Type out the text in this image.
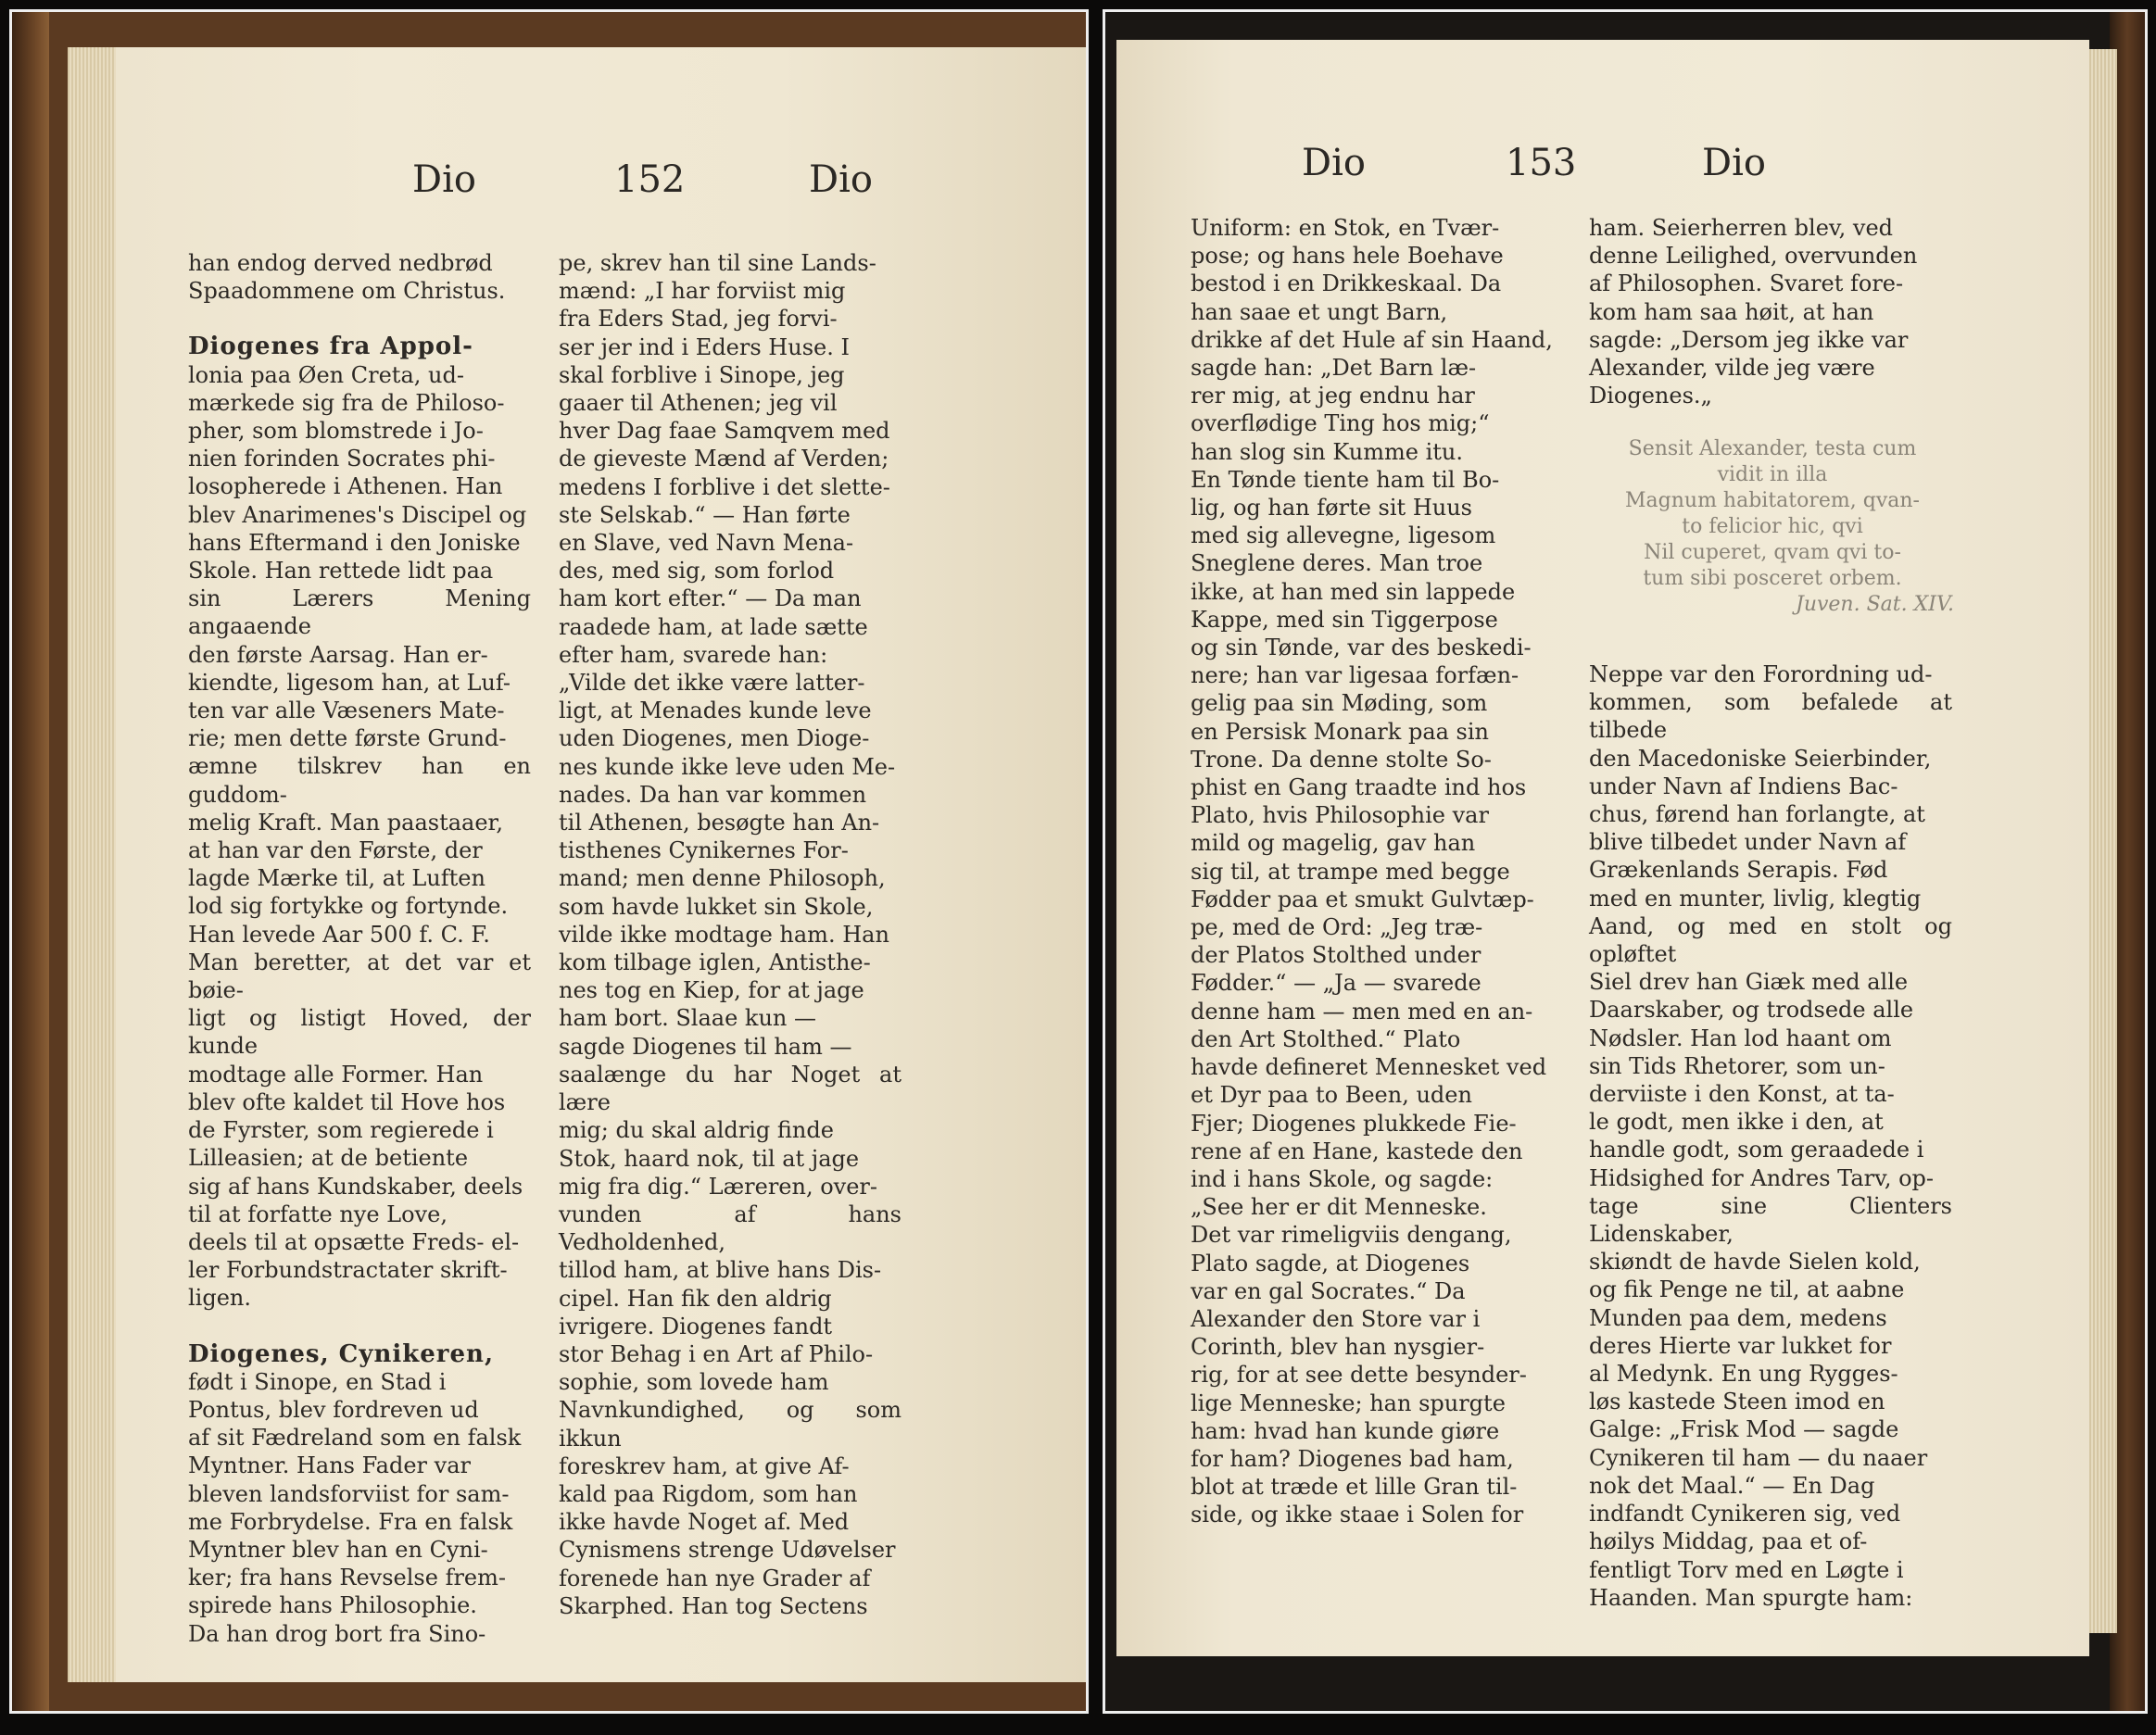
Dio	152	Dio

han endog derved nedbrød

Spaadommene om Christus.

Diogenes fra Appol-

lonia paa Øen Creta, ud-

mærkede sig fra de Philoso-

pher, som blomstrede i Jo-

nien forinden Socrates phi-

losopherede i Athenen. Han

blev Anarimenes's Discipel og

hans Eftermand i den Joniske

Skole. Han rettede lidt paa

sin Lærers Mening angaaende

den første Aarsag. Han er-

kiendte, ligesom han, at Luf-

ten var alle Væseners Mate-

rie; men dette første Grund-

æmne tilskrev han en guddom-

melig Kraft. Man paastaaer,

at han var den Første, der

lagde Mærke til, at Luften

lod sig fortykke og fortynde.

Han levede Aar 500 f. C. F.

Man beretter, at det var et bøie-

ligt og listigt Hoved, der kunde

modtage alle Former. Han

blev ofte kaldet til Hove hos

de Fyrster, som regierede i

Lilleasien; at de betiente

sig af hans Kundskaber, deels

til at forfatte nye Love,

deels til at opsætte Freds- el-

ler Forbundstractater skrift-

ligen.

Diogenes, Cynikeren,

født i Sinope, en Stad i

Pontus, blev fordreven ud

af sit Fædreland som en falsk

Myntner. Hans Fader var

bleven landsforviist for sam-

me Forbrydelse. Fra en falsk

Myntner blev han en Cyni-

ker; fra hans Revselse frem-

spirede hans Philosophie.

Da han drog bort fra Sino-

pe, skrev han til sine Lands-

mænd: „I har forviist mig

fra Eders Stad, jeg forvi-

ser jer ind i Eders Huse. I

skal forblive i Sinope, jeg

gaaer til Athenen; jeg vil

hver Dag faae Samqvem med

de gieveste Mænd af Verden;

medens I forblive i det slette-

ste Selskab.“ — Han førte

en Slave, ved Navn Mena-

des, med sig, som forlod

ham kort efter.“ — Da man

raadede ham, at lade sætte

efter ham, svarede han:

„Vilde det ikke være latter-

ligt, at Menades kunde leve

uden Diogenes, men Dioge-

nes kunde ikke leve uden Me-

nades. Da han var kommen

til Athenen, besøgte han An-

tisthenes Cynikernes For-

mand; men denne Philosoph,

som havde lukket sin Skole,

vilde ikke modtage ham. Han

kom tilbage iglen, Antisthe-

nes tog en Kiep, for at jage

ham bort. Slaae kun —

sagde Diogenes til ham —

saalænge du har Noget at lære

mig; du skal aldrig finde

Stok, haard nok, til at jage

mig fra dig.“ Læreren, over-

vunden af hans Vedholdenhed,

tillod ham, at blive hans Dis-

cipel. Han fik den aldrig

ivrigere. Diogenes fandt

stor Behag i en Art af Philo-

sophie, som lovede ham

Navnkundighed, og som ikkun

foreskrev ham, at give Af-

kald paa Rigdom, som han

ikke havde Noget af. Med

Cynismens strenge Udøvelser

forenede han nye Grader af

Skarphed. Han tog Sectens

Dio	153	Dio

Uniform: en Stok, en Tvær-

pose; og hans hele Boehave

bestod i en Drikkeskaal. Da

han saae et ungt Barn,

drikke af det Hule af sin Haand,

sagde han: „Det Barn læ-

rer mig, at jeg endnu har

overflødige Ting hos mig;“

han slog sin Kumme itu.

En Tønde tiente ham til Bo-

lig, og han førte sit Huus

med sig allevegne, ligesom

Sneglene deres. Man troe

ikke, at han med sin lappede

Kappe, med sin Tiggerpose

og sin Tønde, var des beskedi-

nere; han var ligesaa forfæn-

gelig paa sin Møding, som

en Persisk Monark paa sin

Trone. Da denne stolte So-

phist en Gang traadte ind hos

Plato, hvis Philosophie var

mild og magelig, gav han

sig til, at trampe med begge

Fødder paa et smukt Gulvtæp-

pe, med de Ord: „Jeg træ-

der Platos Stolthed under

Fødder.“ — „Ja — svarede

denne ham — men med en an-

den Art Stolthed.“ Plato

havde defineret Mennesket ved

et Dyr paa to Been, uden

Fjer; Diogenes plukkede Fie-

rene af en Hane, kastede den

ind i hans Skole, og sagde:

„See her er dit Menneske.

Det var rimeligviis dengang,

Plato sagde, at Diogenes

var en gal Socrates.“ Da

Alexander den Store var i

Corinth, blev han nysgier-

rig, for at see dette besynder-

lige Menneske; han spurgte

ham: hvad han kunde giøre

for ham? Diogenes bad ham,

blot at træde et lille Gran til-

side, og ikke staae i Solen for

ham. Seierherren blev, ved

denne Leilighed, overvunden

af Philosophen. Svaret fore-

kom ham saa høit, at han

sagde: „Dersom jeg ikke var

Alexander, vilde jeg være

Diogenes.„

Sensit Alexander, testa cum
vidit in illa
Magnum habitatorem, qvan-
to felicior hic, qvi
Nil cuperet, qvam qvi to-
tum sibi posceret orbem.
Juven. Sat. XIV.

Neppe var den Forordning ud-

kommen, som befalede at tilbede

den Macedoniske Seierbinder,

under Navn af Indiens Bac-

chus, førend han forlangte, at

blive tilbedet under Navn af

Grækenlands Serapis. Fød

med en munter, livlig, klegtig

Aand, og med en stolt og opløftet

Siel drev han Giæk med alle

Daarskaber, og trodsede alle

Nødsler. Han lod haant om

sin Tids Rhetorer, som un-

derviiste i den Konst, at ta-

le godt, men ikke i den, at

handle godt, som geraadede i

Hidsighed for Andres Tarv, op-

tage sine Clienters Lidenskaber,

skiøndt de havde Sielen kold,

og fik Penge ne til, at aabne

Munden paa dem, medens

deres Hierte var lukket for

al Medynk. En ung Rygges-

løs kastede Steen imod en

Galge: „Frisk Mod — sagde

Cynikeren til ham — du naaer

nok det Maal.“ — En Dag

indfandt Cynikeren sig, ved

høilys Middag, paa et of-

fentligt Torv med en Løgte i

Haanden. Man spurgte ham:
